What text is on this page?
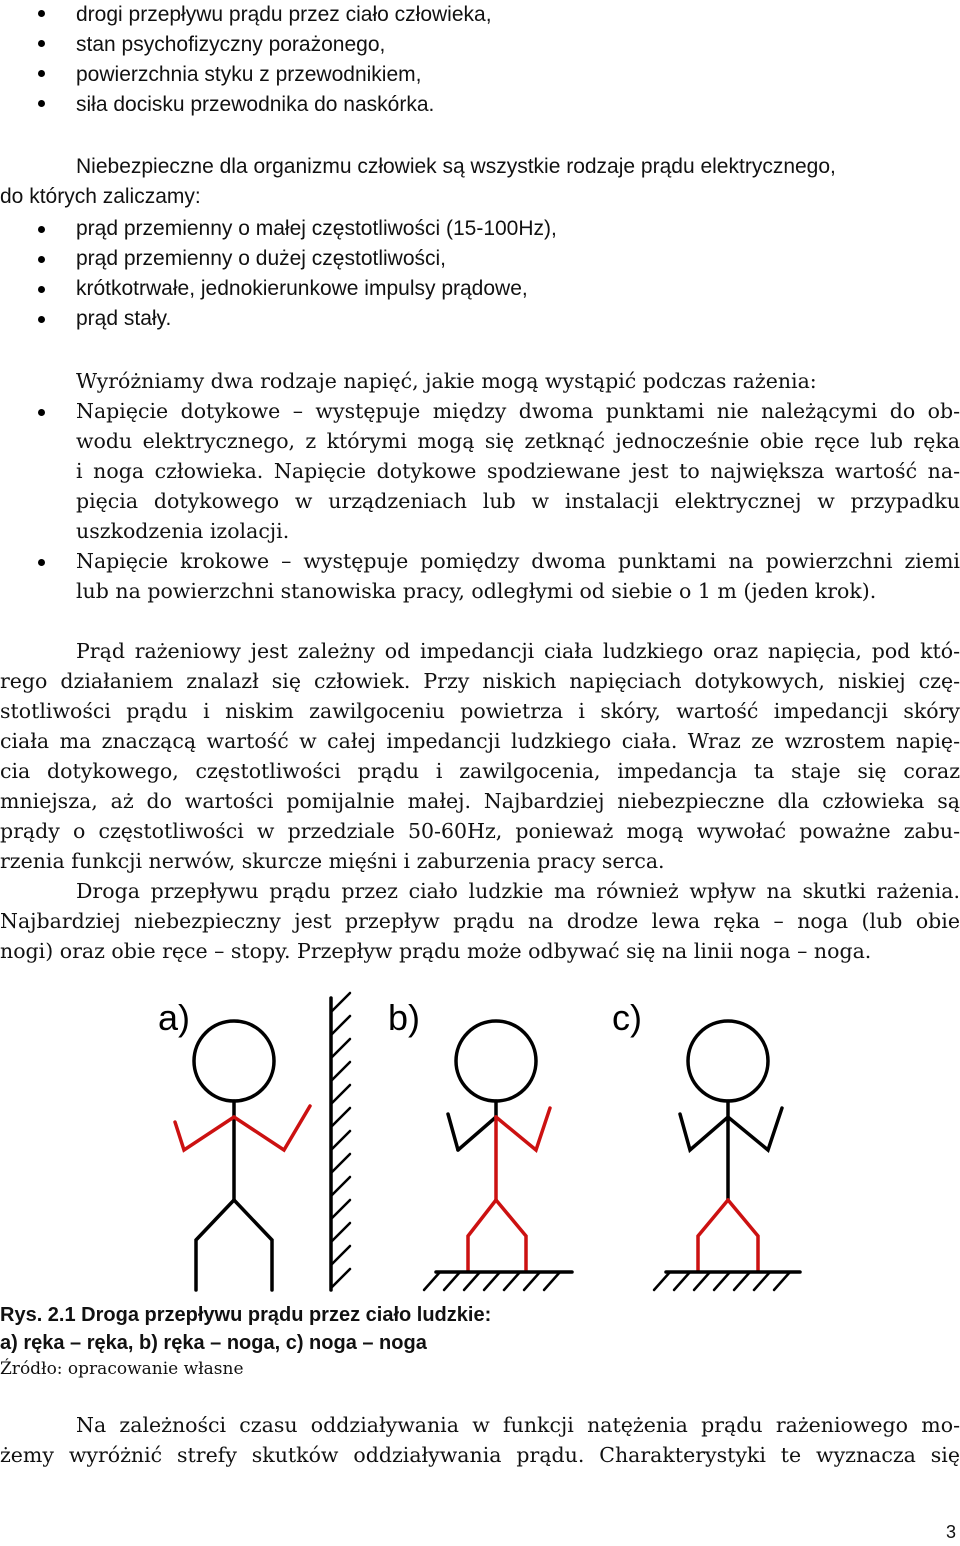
drogi przepływu prądu przez ciało człowieka,
stan psychofizyczny porażonego,
powierzchnia styku z przewodnikiem,
siła docisku przewodnika do naskórka.
Niebezpieczne dla organizmu człowiek są wszystkie rodzaje prądu elektrycznego,
do których zaliczamy:
prąd przemienny o małej częstotliwości (15-100Hz),
prąd przemienny o dużej częstotliwości,
krótkotrwałe, jednokierunkowe impulsy prądowe,
prąd stały.
Wyróżniamy dwa rodzaje napięć, jakie mogą wystąpić podczas rażenia:
Napięcie dotykowe – występuje między dwoma punktami nie należącymi do ob-
wodu elektrycznego, z którymi mogą się zetknąć jednocześnie obie ręce lub ręka
i noga człowieka. Napięcie dotykowe spodziewane jest to największa wartość na-
pięcia dotykowego w urządzeniach lub w instalacji elektrycznej w przypadku
uszkodzenia izolacji.
Napięcie krokowe – występuje pomiędzy dwoma punktami na powierzchni ziemi
lub na powierzchni stanowiska pracy, odległymi od siebie o 1 m (jeden krok).
Prąd rażeniowy jest zależny od impedancji ciała ludzkiego oraz napięcia, pod któ-
rego działaniem znalazł się człowiek. Przy niskich napięciach dotykowych, niskiej czę-
stotliwości prądu i niskim zawilgoceniu powietrza i skóry, wartość impedancji skóry
ciała ma znaczącą wartość w całej impedancji ludzkiego ciała. Wraz ze wzrostem napię-
cia dotykowego, częstotliwości prądu i zawilgocenia, impedancja ta staje się coraz
mniejsza, aż do wartości pomijalnie małej. Najbardziej niebezpieczne dla człowieka są
prądy o częstotliwości w przedziale 50-60Hz, ponieważ mogą wywołać poważne zabu-
rzenia funkcji nerwów, skurcze mięśni i zaburzenia pracy serca.
Droga przepływu prądu przez ciało ludzkie ma również wpływ na skutki rażenia.
Najbardziej niebezpieczny jest przepływ prądu na drodze lewa ręka – noga (lub obie
nogi) oraz obie ręce – stopy. Przepływ prądu może odbywać się na linii noga – noga.
a)	b)	c)
Rys. 2.1 Droga przepływu prądu przez ciało ludzkie:
a) ręka – ręka, b) ręka – noga, c) noga – noga
Źródło: opracowanie własne
Na zależności czasu oddziaływania w funkcji natężenia prądu rażeniowego mo-
żemy wyróżnić strefy skutków oddziaływania prądu. Charakterystyki te wyznacza się
3
